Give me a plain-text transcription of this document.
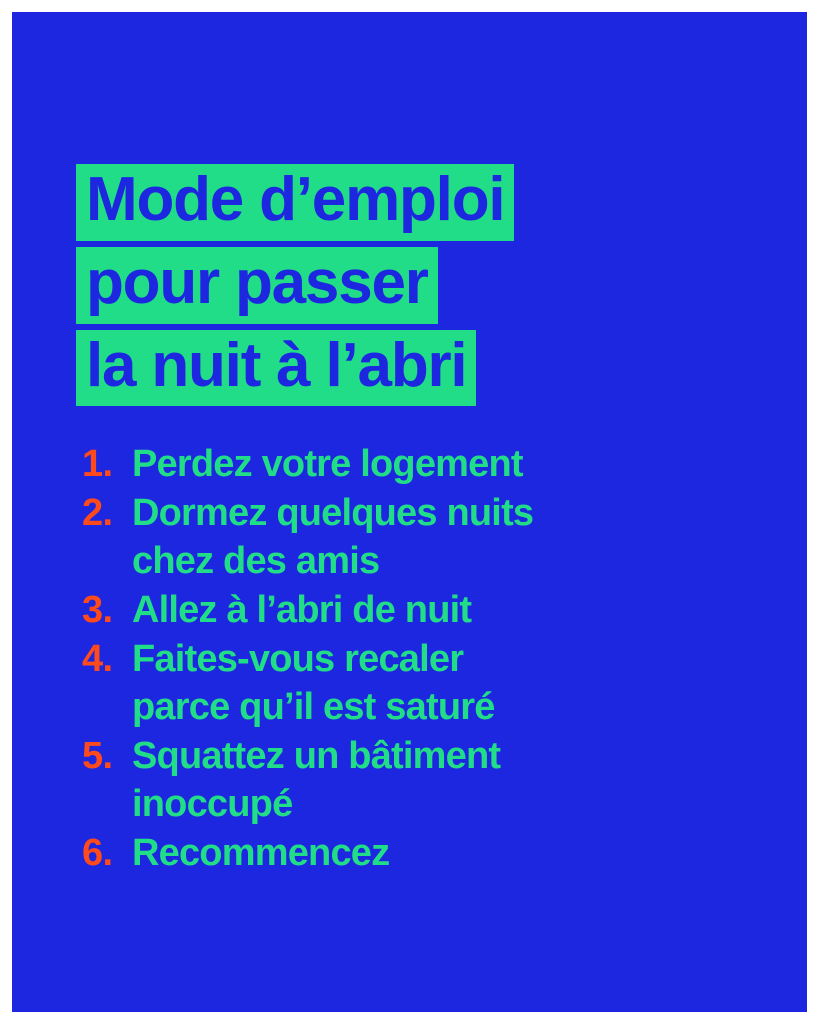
Mode d’emploi
pour passer
la nuit à l’abri
1. Perdez votre logement
2. Dormez quelques nuits
chez des amis
3. Allez à l’abri de nuit
4. Faites-vous recaler
parce qu’il est saturé
5. Squattez un bâtiment
inoccupé
6. Recommencez
